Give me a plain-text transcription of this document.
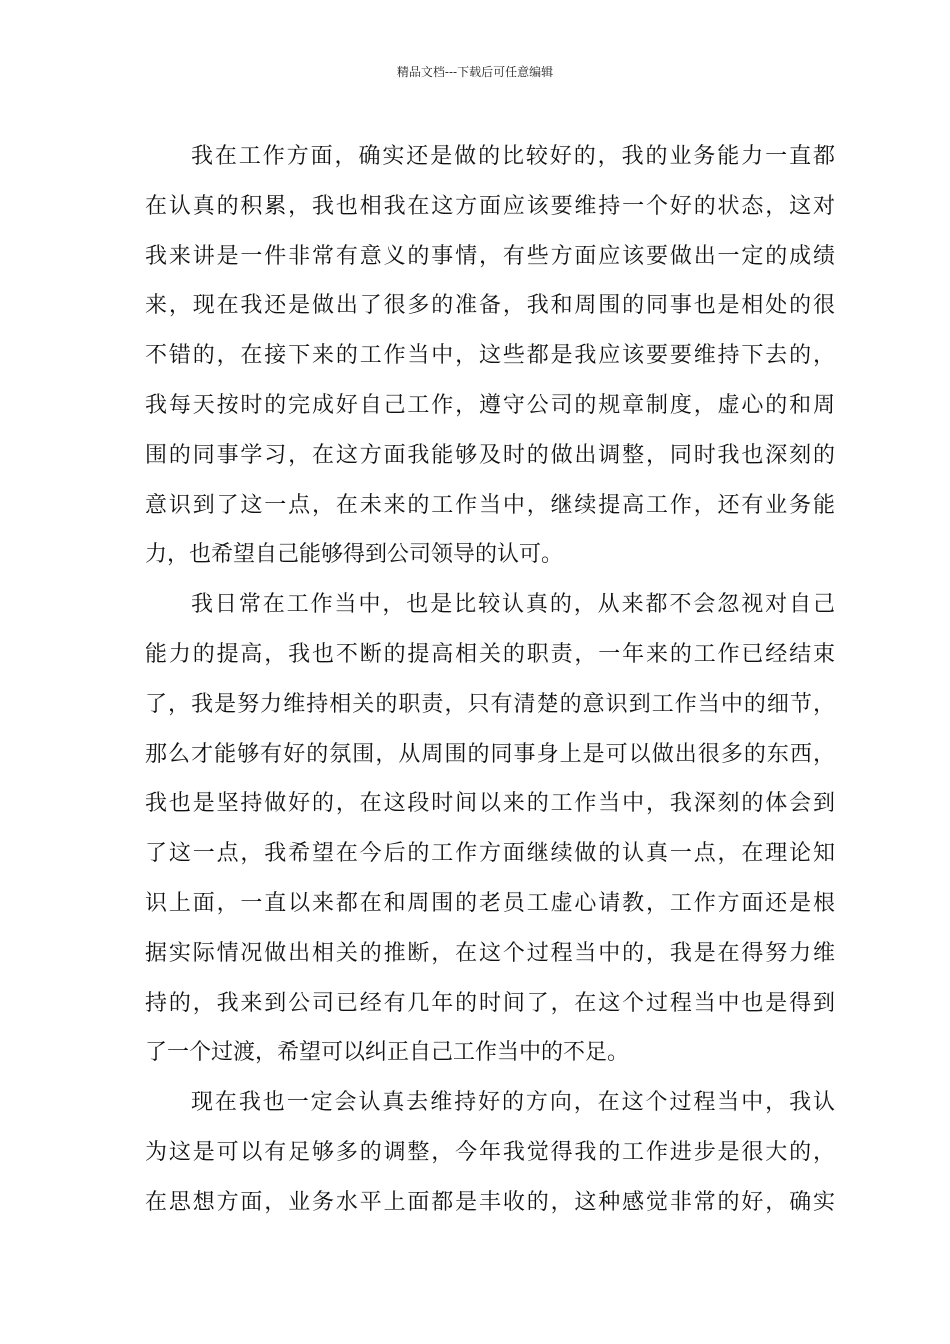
精品文档---下载后可任意编辑
我在工作方面，确实还是做的比较好的，我的业务能力一直都
在认真的积累，我也相我在这方面应该要维持一个好的状态，这对
我来讲是一件非常有意义的事情，有些方面应该要做出一定的成绩
来，现在我还是做出了很多的准备，我和周围的同事也是相处的很
不错的，在接下来的工作当中，这些都是我应该要要维持下去的，
我每天按时的完成好自己工作，遵守公司的规章制度，虚心的和周
围的同事学习，在这方面我能够及时的做出调整，同时我也深刻的
意识到了这一点，在未来的工作当中，继续提高工作，还有业务能
力，也希望自己能够得到公司领导的认可。
我日常在工作当中，也是比较认真的，从来都不会忽视对自己
能力的提高，我也不断的提高相关的职责，一年来的工作已经结束
了，我是努力维持相关的职责，只有清楚的意识到工作当中的细节，
那么才能够有好的氛围，从周围的同事身上是可以做出很多的东西，
我也是坚持做好的，在这段时间以来的工作当中，我深刻的体会到
了这一点，我希望在今后的工作方面继续做的认真一点，在理论知
识上面，一直以来都在和周围的老员工虚心请教，工作方面还是根
据实际情况做出相关的推断，在这个过程当中的，我是在得努力维
持的，我来到公司已经有几年的时间了，在这个过程当中也是得到
了一个过渡，希望可以纠正自己工作当中的不足。
现在我也一定会认真去维持好的方向，在这个过程当中，我认
为这是可以有足够多的调整，今年我觉得我的工作进步是很大的，
在思想方面，业务水平上面都是丰收的，这种感觉非常的好，确实
